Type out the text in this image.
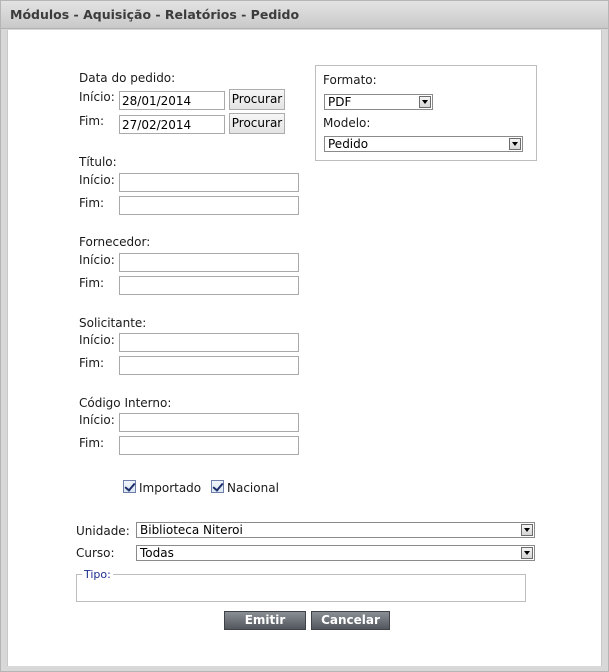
Módulos - Aquisição - Relatórios - Pedido
Data do pedido:
Início:
28/01/2014	Procurar
Fim:
27/02/2014	Procurar
Título:
Início:
Fim:
Fornecedor:
Início:
Fim:
Solicitante:
Início:
Fim:
Código Interno:
Início:
Fim:
Formato:
PDF
Modelo:
Pedido
Importado Nacional
Unidade: Biblioteca Niteroi
Curso:	Todas
Tipo:
Emitir	Cancelar
